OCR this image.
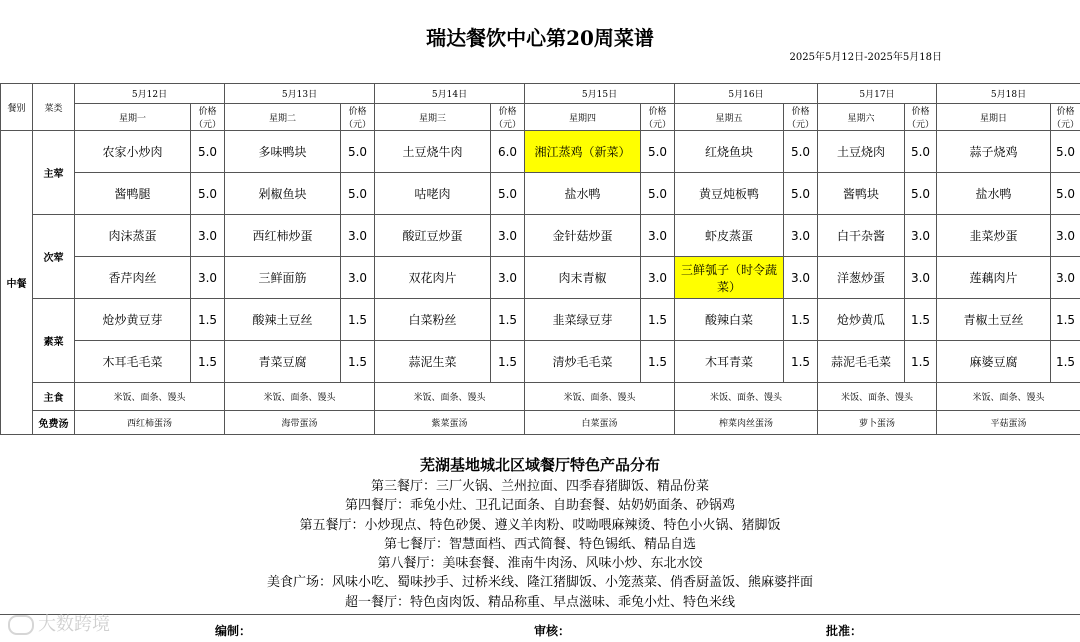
瑞达餐饮中心第20周菜谱
2025年5月12日-2025年5月18日
餐别	菜类	5月12日		5月13日		5月14日		5月15日		5月16日		5月17日		5月18日	
		星期一	价格（元）	星期二	价格（元）	星期三	价格（元）	星期四	价格（元）	星期五	价格（元）	星期六	价格（元）	星期日	价格（元）
中餐	主荤	农家小炒肉	5.0	多味鸭块	5.0	土豆烧牛肉	6.0	湘江蒸鸡（新菜）	5.0	红烧鱼块	5.0	土豆烧肉	5.0	蒜子烧鸡	5.0
		酱鸭腿	5.0	剁椒鱼块	5.0	咕咾肉	5.0	盐水鸭	5.0	黄豆炖板鸭	5.0	酱鸭块	5.0	盐水鸭	5.0
	次荤	肉沫蒸蛋	3.0	西红柿炒蛋	3.0	酸豇豆炒蛋	3.0	金针菇炒蛋	3.0	虾皮蒸蛋	3.0	白干杂酱	3.0	韭菜炒蛋	3.0
		香芹肉丝	3.0	三鲜面筋	3.0	双花肉片	3.0	肉末青椒	3.0	三鲜瓠子（时令蔬菜）	3.0	洋葱炒蛋	3.0	莲藕肉片	3.0
	素菜	炝炒黄豆芽	1.5	酸辣土豆丝	1.5	白菜粉丝	1.5	韭菜绿豆芽	1.5	酸辣白菜	1.5	炝炒黄瓜	1.5	青椒土豆丝	1.5
		木耳毛毛菜	1.5	青菜豆腐	1.5	蒜泥生菜	1.5	清炒毛毛菜	1.5	木耳青菜	1.5	蒜泥毛毛菜	1.5	麻婆豆腐	1.5
	主食	米饭、面条、馒头		米饭、面条、馒头		米饭、面条、馒头		米饭、面条、馒头		米饭、面条、馒头		米饭、面条、馒头		米饭、面条、馒头	
	免费汤	西红柿蛋汤		海带蛋汤		紫菜蛋汤		白菜蛋汤		榨菜肉丝蛋汤		萝卜蛋汤		平菇蛋汤	
芜湖基地城北区域餐厅特色产品分布
第三餐厅：三厂火锅、兰州拉面、四季春猪脚饭、精品份菜
第四餐厅：乖兔小灶、卫孔记面条、自助套餐、姑奶奶面条、砂锅鸡
第五餐厅：小炒现点、特色砂煲、遵义羊肉粉、哎呦喂麻辣烫、特色小火锅、猪脚饭
第七餐厅：智慧面档、西式简餐、特色锡纸、精品自选
第八餐厅：美味套餐、淮南牛肉汤、风味小炒、东北水饺
美食广场：风味小吃、蜀味抄手、过桥米线、隆江猪脚饭、小笼蒸菜、俏香厨盖饭、熊麻婆拌面
超一餐厅：特色卤肉饭、精品称重、早点滋味、乖兔小灶、特色米线
编制：	审核：	批准：
大数跨境
